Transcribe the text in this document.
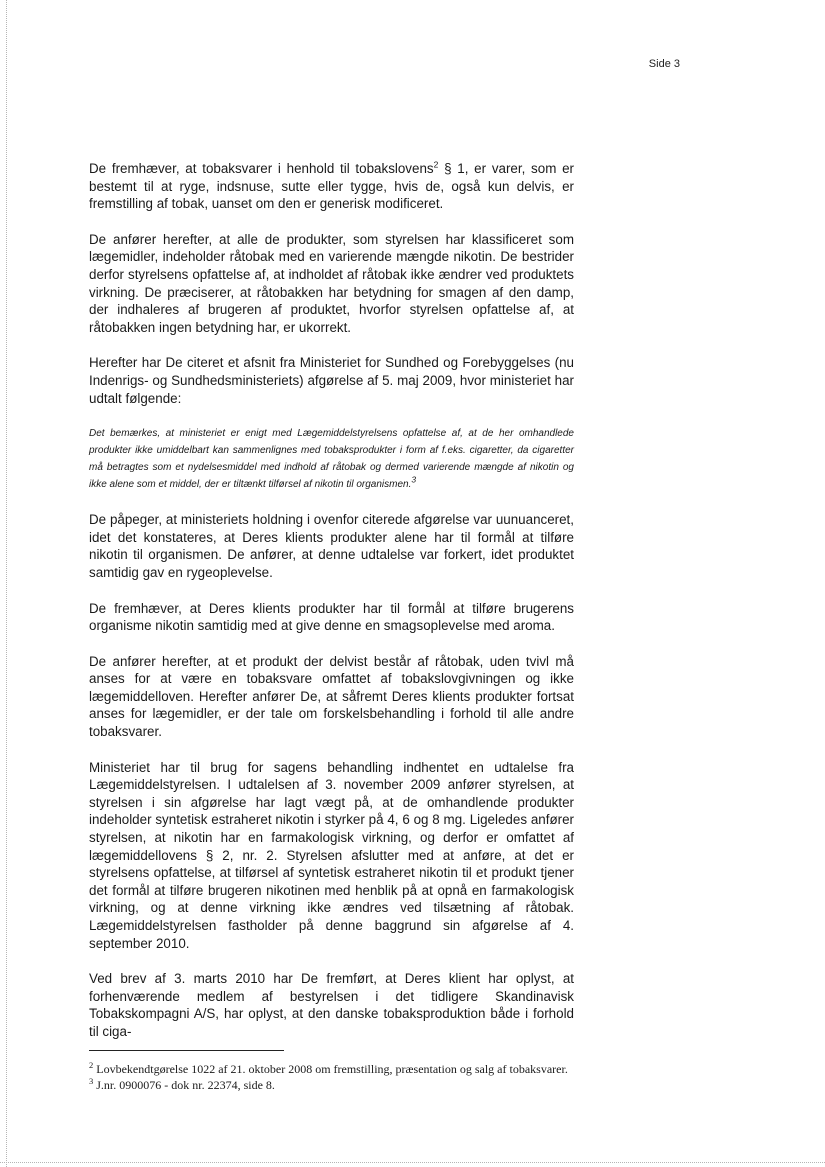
Side 3

De fremhæver, at tobaksvarer i henhold til tobakslovens$^2$ § 1, er varer, som er bestemt til at ryge, indsnuse, sutte eller tygge, hvis de, også kun delvis, er fremstilling af tobak, uanset om den er generisk modificeret.

De anfører herefter, at alle de produkter, som styrelsen har klassificeret som lægemidler, indeholder råtobak med en varierende mængde nikotin. De bestrider derfor styrelsens opfattelse af, at indholdet af råtobak ikke ændrer ved produktets virkning. De præciserer, at råtobakken har betydning for smagen af den damp, der indhaleres af brugeren af produktet, hvorfor styrelsen opfattelse af, at råtobakken ingen betydning har, er ukorrekt.

Herefter har De citeret et afsnit fra Ministeriet for Sundhed og Forebyggelses (nu Indenrigs- og Sundhedsministeriets) afgørelse af 5. maj 2009, hvor ministeriet har udtalt følgende:

Det bemærkes, at ministeriet er enigt med Lægemiddelstyrelsens opfattelse af, at de her omhandlede produkter ikke umiddelbart kan sammenlignes med tobaksprodukter i form af f.eks. cigaretter, da cigaretter må betragtes som et nydelsesmiddel med indhold af råtobak og dermed varierende mængde af nikotin og ikke alene som et middel, der er tiltænkt tilførsel af nikotin til organismen.$^3$

De påpeger, at ministeriets holdning i ovenfor citerede afgørelse var uunuanceret, idet det konstateres, at Deres klients produkter alene har til formål at tilføre nikotin til organismen. De anfører, at denne udtalelse var forkert, idet produktet samtidig gav en rygeoplevelse.

De fremhæver, at Deres klients produkter har til formål at tilføre brugerens organisme nikotin samtidig med at give denne en smagsoplevelse med aroma.

De anfører herefter, at et produkt der delvist består af råtobak, uden tvivl må anses for at være en tobaksvare omfattet af tobakslovgivningen og ikke lægemiddelloven. Herefter anfører De, at såfremt Deres klients produkter fortsat anses for lægemidler, er der tale om forskelsbehandling i forhold til alle andre tobaksvarer.

Ministeriet har til brug for sagens behandling indhentet en udtalelse fra Lægemiddelstyrelsen. I udtalelsen af 3. november 2009 anfører styrelsen, at styrelsen i sin afgørelse har lagt vægt på, at de omhandlende produkter indeholder syntetisk estraheret nikotin i styrker på 4, 6 og 8 mg. Ligeledes anfører styrelsen, at nikotin har en farmakologisk virkning, og derfor er omfattet af lægemiddellovens § 2, nr. 2. Styrelsen afslutter med at anføre, at det er styrelsens opfattelse, at tilførsel af syntetisk estraheret nikotin til et produkt tjener det formål at tilføre brugeren nikotinen med henblik på at opnå en farmakologisk virkning, og at denne virkning ikke ændres ved tilsætning af råtobak. Lægemiddelstyrelsen fastholder på denne baggrund sin afgørelse af 4. september 2010.

Ved brev af 3. marts 2010 har De fremført, at Deres klient har oplyst, at forhenværende medlem af bestyrelsen i det tidligere Skandinavisk Tobakskompagni A/S, har oplyst, at den danske tobaksproduktion både i forhold til ciga-

$^2$ Lovbekendtgørelse 1022 af 21. oktober 2008 om fremstilling, præsentation og salg af tobaksvarer.

$^3$ J.nr. 0900076 - dok nr. 22374, side 8.
